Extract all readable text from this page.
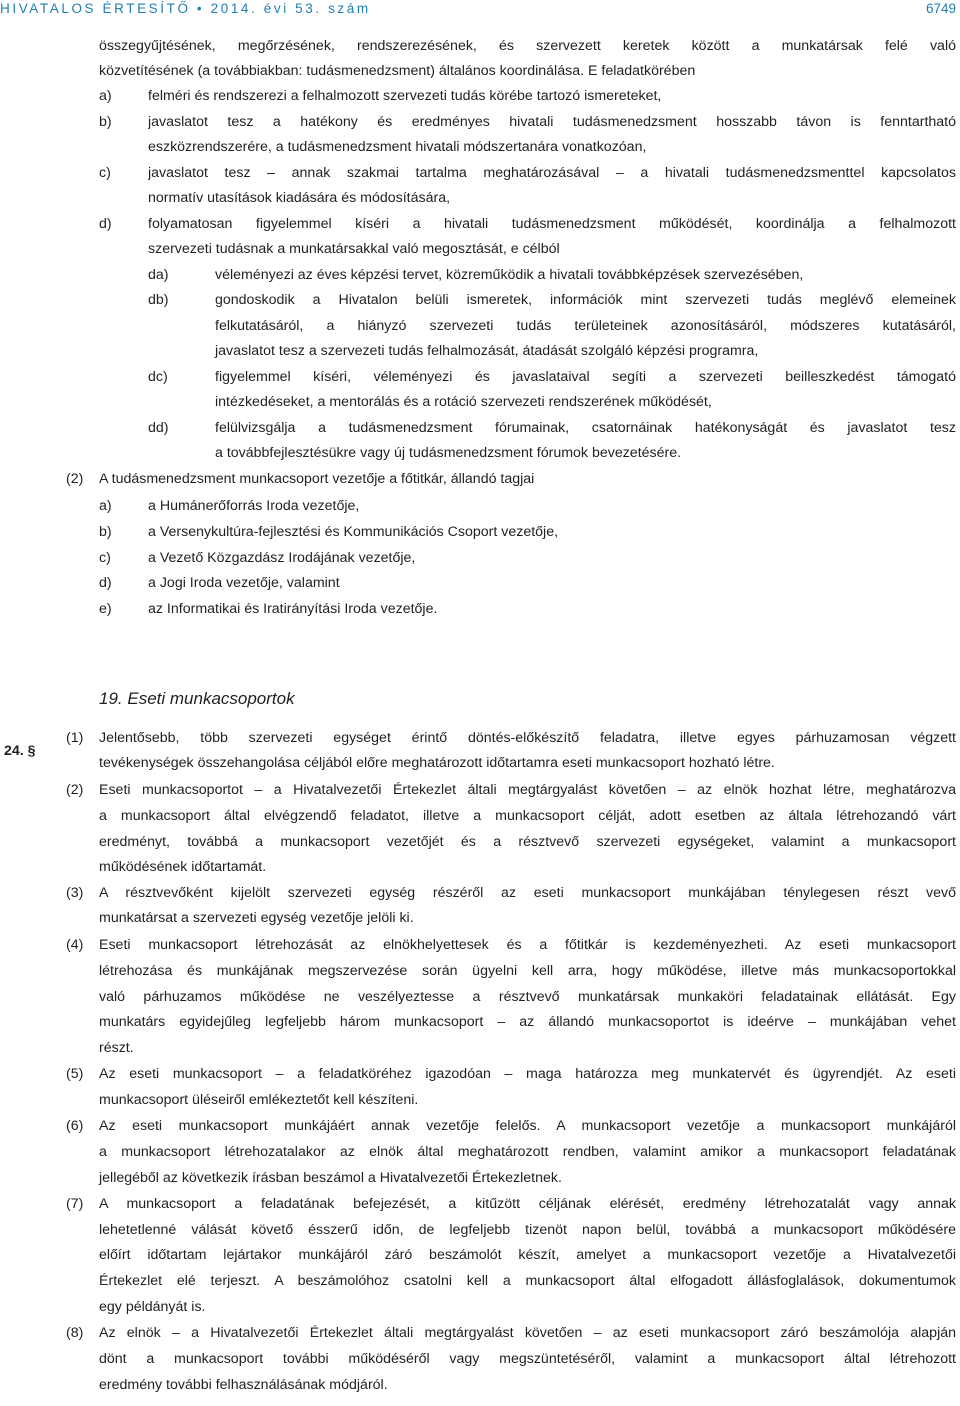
HIVATALOS ÉRTESÍTŐ • 2014. évi 53. szám	6749
összegyűjtésének, megőrzésének, rendszerezésének, és szervezett keretek között a munkatársak felé való
közvetítésének (a továbbiakban: tudásmenedzsment) általános koordinálása. E feladatkörében
a)	felméri és rendszerezi a felhalmozott szervezeti tudás körébe tartozó ismereteket,
b)	javaslatot tesz a hatékony és eredményes hivatali tudásmenedzsment hosszabb távon is fenntartható
eszközrendszerére, a tudásmenedzsment hivatali módszertanára vonatkozóan,
c)	javaslatot tesz – annak szakmai tartalma meghatározásával – a hivatali tudásmenedzsmenttel kapcsolatos
normatív utasítások kiadására és módosítására,
d)	folyamatosan figyelemmel kíséri a hivatali tudásmenedzsment működését, koordinálja a felhalmozott
szervezeti tudásnak a munkatársakkal való megosztását, e célból
da)	véleményezi az éves képzési tervet, közreműködik a hivatali továbbképzések szervezésében,
db)	gondoskodik a Hivatalon belüli ismeretek, információk mint szervezeti tudás meglévő elemeinek
felkutatásáról, a hiányzó szervezeti tudás területeinek azonosításáról, módszeres kutatásáról,
javaslatot tesz a szervezeti tudás felhalmozását, átadását szolgáló képzési programra,
dc)	figyelemmel kíséri, véleményezi és javaslataival segíti a szervezeti beilleszkedést támogató
intézkedéseket, a mentorálás és a rotáció szervezeti rendszerének működését,
dd)	felülvizsgálja a tudásmenedzsment fórumainak, csatornáinak hatékonyságát és javaslatot tesz
a továbbfejlesztésükre vagy új tudásmenedzsment fórumok bevezetésére.
(2) A tudásmenedzsment munkacsoport vezetője a főtitkár, állandó tagjai
a)	a Humánerőforrás Iroda vezetője,
b)	a Versenykultúra-fejlesztési és Kommunikációs Csoport vezetője,
c)	a Vezető Közgazdász Irodájának vezetője,
d)	a Jogi Iroda vezetője, valamint
e)	az Informatikai és Iratirányítási Iroda vezetője.
(1) Jelentősebb, több szervezeti egységet érintő döntés-előkészítő feladatra, illetve egyes párhuzamosan végzett
tevékenységek összehangolása céljából előre meghatározott időtartamra eseti munkacsoport hozható létre.
(2) Eseti munkacsoportot – a Hivatalvezetői Értekezlet általi megtárgyalást követően – az elnök hozhat létre, meghatározva
a munkacsoport által elvégzendő feladatot, illetve a munkacsoport célját, adott esetben az általa létrehozandó várt
eredményt, továbbá a munkacsoport vezetőjét és a résztvevő szervezeti egységeket, valamint a munkacsoport
működésének időtartamát.
(3) A résztvevőként kijelölt szervezeti egység részéről az eseti munkacsoport munkájában ténylegesen részt vevő
munkatársat a szervezeti egység vezetője jelöli ki.
(4) Eseti munkacsoport létrehozását az elnökhelyettesek és a főtitkár is kezdeményezheti. Az eseti munkacsoport
létrehozása és munkájának megszervezése során ügyelni kell arra, hogy működése, illetve más munkacsoportokkal
való párhuzamos működése ne veszélyeztesse a résztvevő munkatársak munkaköri feladatainak ellátását. Egy
munkatárs egyidejűleg legfeljebb három munkacsoport – az állandó munkacsoportot is ideérve – munkájában vehet
részt.
(5) Az eseti munkacsoport – a feladatköréhez igazodóan – maga határozza meg munkatervét és ügyrendjét. Az eseti
munkacsoport üléseiről emlékeztetőt kell készíteni.
(6) Az eseti munkacsoport munkájáért annak vezetője felelős. A munkacsoport vezetője a munkacsoport munkájáról
a munkacsoport létrehozatalakor az elnök által meghatározott rendben, valamint amikor a munkacsoport feladatának
jellegéből az következik írásban beszámol a Hivatalvezetői Értekezletnek.
(7) A munkacsoport a feladatának befejezését, a kitűzött céljának elérését, eredmény létrehozatalát vagy annak
lehetetlenné válását követő ésszerű időn, de legfeljebb tizenöt napon belül, továbbá a munkacsoport működésére
előírt időtartam lejártakor munkájáról záró beszámolót készít, amelyet a munkacsoport vezetője a Hivatalvezetői
Értekezlet elé terjeszt. A beszámolóhoz csatolni kell a munkacsoport által elfogadott állásfoglalások, dokumentumok
egy példányát is.
(8) Az elnök – a Hivatalvezetői Értekezlet általi megtárgyalást követően – az eseti munkacsoport záró beszámolója alapján
dönt a munkacsoport további működéséről vagy megszüntetéséről, valamint a munkacsoport által létrehozott
eredmény további felhasználásának módjáról.
19. Eseti munkacsoportok
24. §
